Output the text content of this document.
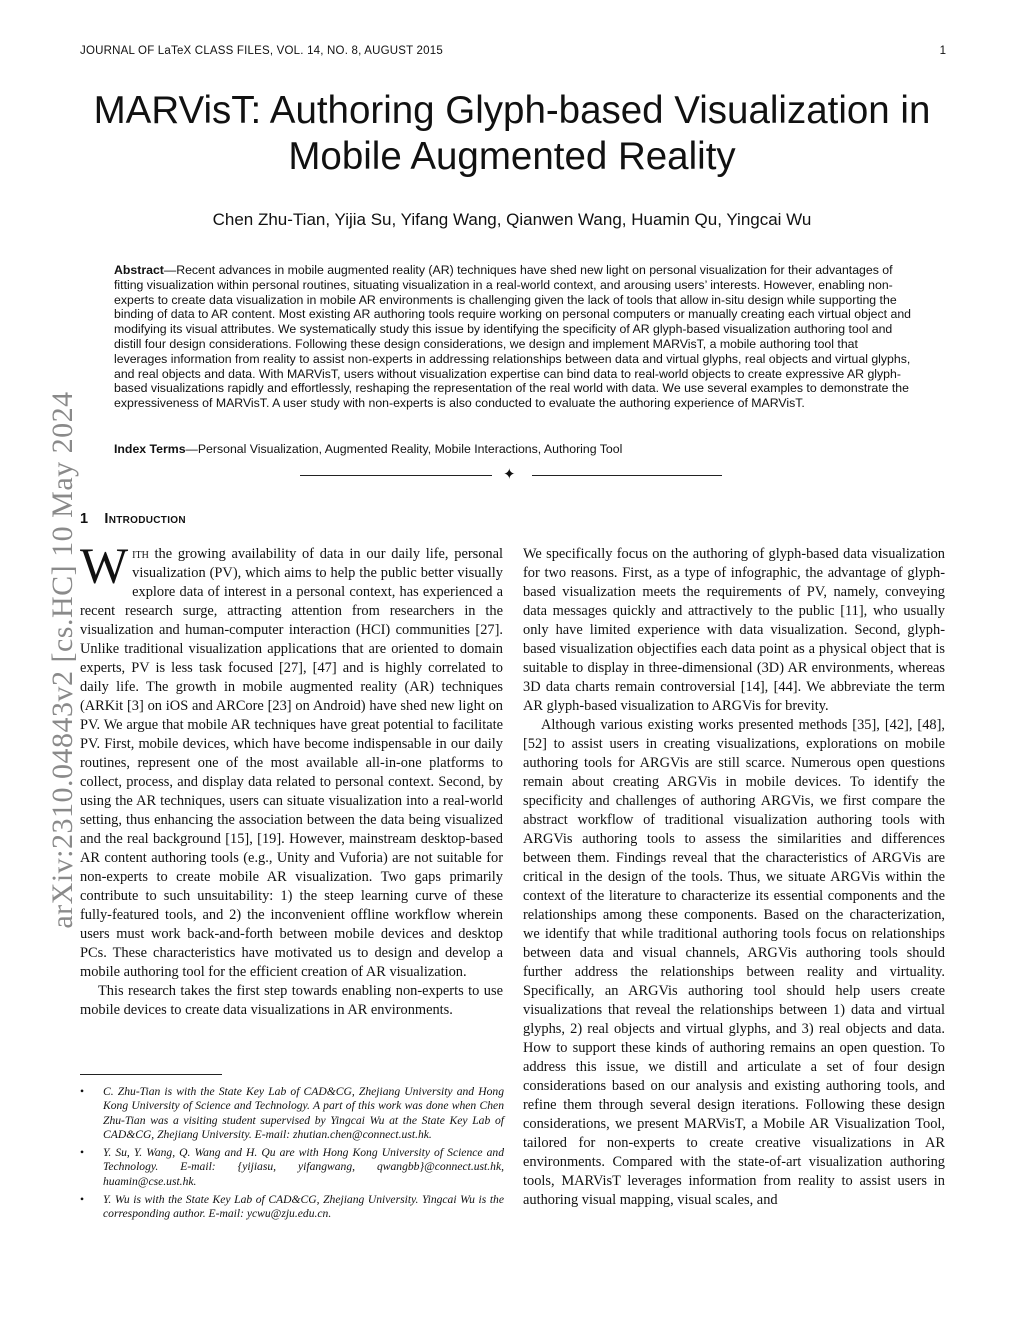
JOURNAL OF LaTeX CLASS FILES, VOL. 14, NO. 8, AUGUST 2015	1
MARVisT: Authoring Glyph-based Visualization in Mobile Augmented Reality
Chen Zhu-Tian, Yijia Su, Yifang Wang, Qianwen Wang, Huamin Qu, Yingcai Wu

Abstract—Recent advances in mobile augmented reality (AR) techniques have shed new light on personal visualization for their advantages of fitting visualization within personal routines, situating visualization in a real-world context, and arousing users’ interests. However, enabling non-experts to create data visualization in mobile AR environments is challenging given the lack of tools that allow in-situ design while supporting the binding of data to AR content. Most existing AR authoring tools require working on personal computers or manually creating each virtual object and modifying its visual attributes. We systematically study this issue by identifying the specificity of AR glyph-based visualization authoring tool and distill four design considerations. Following these design considerations, we design and implement MARVisT, a mobile authoring tool that leverages information from reality to assist non-experts in addressing relationships between data and virtual glyphs, real objects and virtual glyphs, and real objects and data. With MARVisT, users without visualization expertise can bind data to real-world objects to create expressive AR glyph-based visualizations rapidly and effortlessly, reshaping the representation of the real world with data. We use several examples to demonstrate the expressiveness of MARVisT. A user study with non-experts is also conducted to evaluate the authoring experience of MARVisT.

Index Terms—Personal Visualization, Augmented Reality, Mobile Interactions, Authoring Tool

✦
1 Introduction

With the growing availability of data in our daily life, personal visualization (PV), which aims to help the public better visually explore data of interest in a personal context, has experienced a recent research surge, attracting attention from researchers in the visualization and human-computer interaction (HCI) communities [27]. Unlike traditional visualization applications that are oriented to domain experts, PV is less task focused [27], [47] and is highly correlated to daily life. The growth in mobile augmented reality (AR) techniques (ARKit [3] on iOS and ARCore [23] on Android) have shed new light on PV. We argue that mobile AR techniques have great potential to facilitate PV. First, mobile devices, which have become indispensable in our daily routines, represent one of the most available all-in-one platforms to collect, process, and display data related to personal context. Second, by using the AR techniques, users can situate visualization into a real-world setting, thus enhancing the association between the data being visualized and the real background [15], [19]. However, mainstream desktop-based AR content authoring tools (e.g., Unity and Vuforia) are not suitable for non-experts to create mobile AR visualization. Two gaps primarily contribute to such unsuitability: 1) the steep learning curve of these fully-featured tools, and 2) the inconvenient offline workflow wherein users must work back-and-forth between mobile devices and desktop PCs. These characteristics have motivated us to design and develop a mobile authoring tool for the efficient creation of AR visualization.

This research takes the first step towards enabling non-experts to use mobile devices to create data visualizations in AR environments.

• C. Zhu-Tian is with the State Key Lab of CAD&CG, Zhejiang University and Hong Kong University of Science and Technology. A part of this work was done when Chen Zhu-Tian was a visiting student supervised by Yingcai Wu at the State Key Lab of CAD&CG, Zhejiang University. E-mail: zhutian.chen@connect.ust.hk.
• Y. Su, Y. Wang, Q. Wang and H. Qu are with Hong Kong University of Science and Technology. E-mail: {yijiasu, yifangwang, qwangbb}@connect.ust.hk, huamin@cse.ust.hk.
• Y. Wu is with the State Key Lab of CAD&CG, Zhejiang University. Yingcai Wu is the corresponding author. E-mail: ycwu@zju.edu.cn.

We specifically focus on the authoring of glyph-based data visualization for two reasons. First, as a type of infographic, the advantage of glyph-based visualization meets the requirements of PV, namely, conveying data messages quickly and attractively to the public [11], who usually only have limited experience with data visualization. Second, glyph-based visualization objectifies each data point as a physical object that is suitable to display in three-dimensional (3D) AR environments, whereas 3D data charts remain controversial [14], [44]. We abbreviate the term AR glyph-based visualization to ARGVis for brevity.

Although various existing works presented methods [35], [42], [48], [52] to assist users in creating visualizations, explorations on mobile authoring tools for ARGVis are still scarce. Numerous open questions remain about creating ARGVis in mobile devices. To identify the specificity and challenges of authoring ARGVis, we first compare the abstract workflow of traditional visualization authoring tools with ARGVis authoring tools to assess the similarities and differences between them. Findings reveal that the characteristics of ARGVis are critical in the design of the tools. Thus, we situate ARGVis within the context of the literature to characterize its essential components and the relationships among these components. Based on the characterization, we identify that while traditional authoring tools focus on relationships between data and visual channels, ARGVis authoring tools should further address the relationships between reality and virtuality. Specifically, an ARGVis authoring tool should help users create visualizations that reveal the relationships between 1) data and virtual glyphs, 2) real objects and virtual glyphs, and 3) real objects and data. How to support these kinds of authoring remains an open question. To address this issue, we distill and articulate a set of four design considerations based on our analysis and existing authoring tools, and refine them through several design iterations. Following these design considerations, we present MARVisT, a Mobile AR Visualization Tool, tailored for non-experts to create creative visualizations in AR environments. Compared with the state-of-art visualization authoring tools, MARVisT leverages information from reality to assist users in authoring visual mapping, visual scales, and

arXiv:2310.04843v2 [cs.HC] 10 May 2024
